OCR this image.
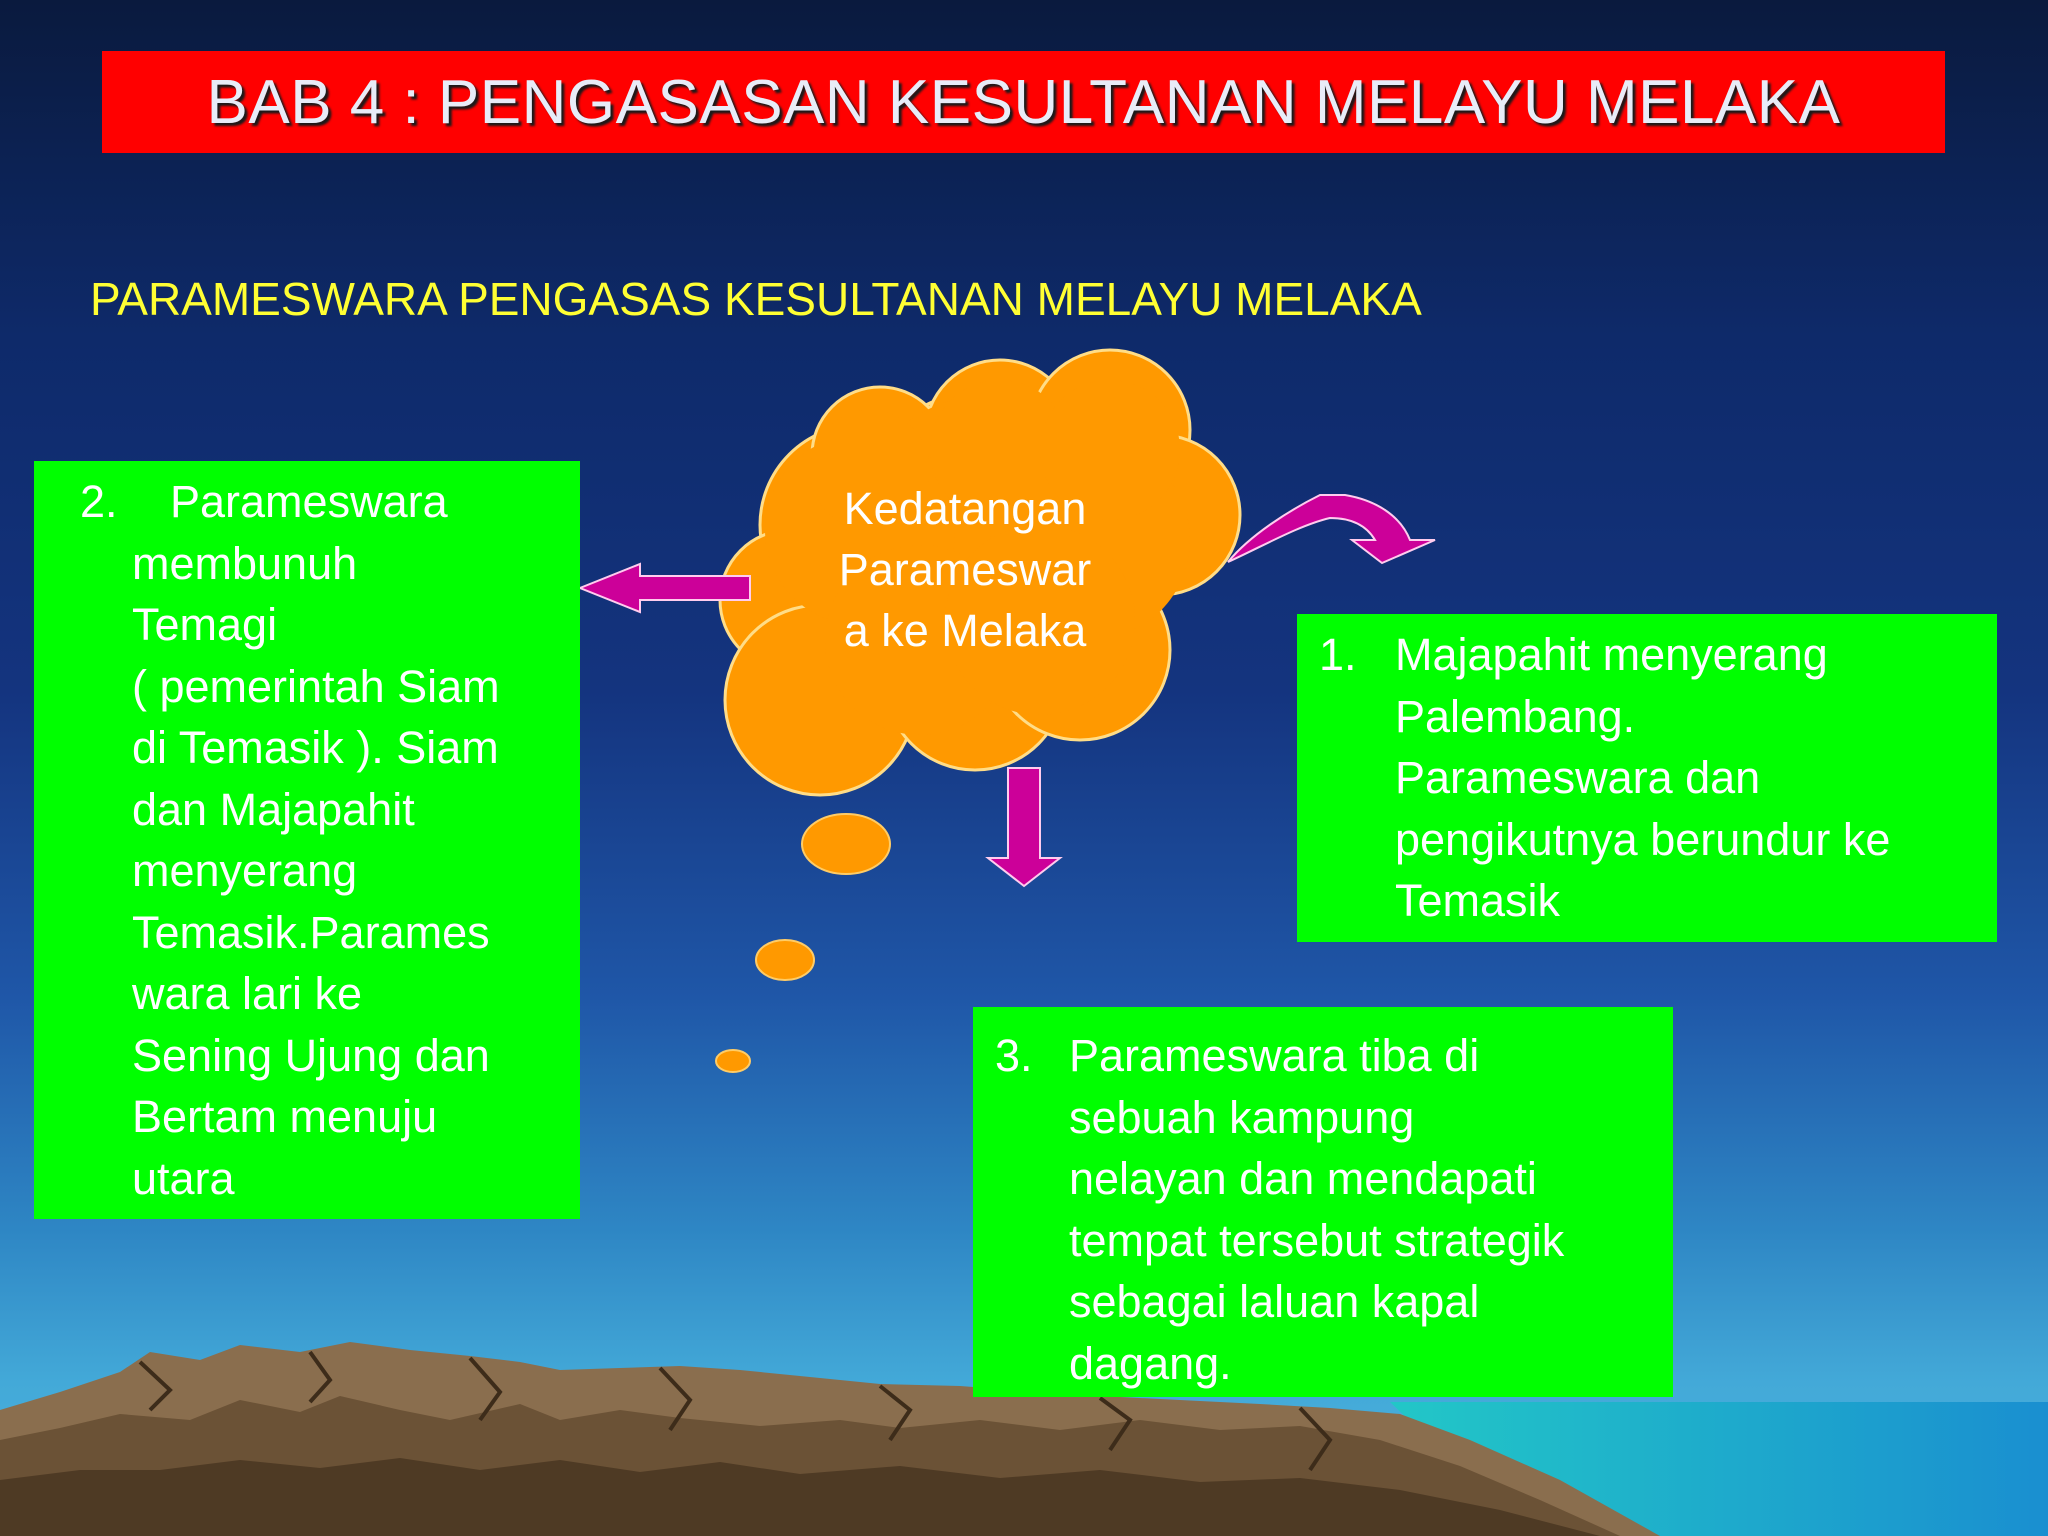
BAB 4 : PENGASASAN KESULTANAN MELAYU MELAKA
PARAMESWARA PENGASAS KESULTANAN MELAYU MELAKA
Kedatangan
Parameswar
a ke Melaka
2. Parameswara
membunuh
Temagi
( pemerintah Siam
di Temasik ). Siam
dan Majapahit
menyerang
Temasik.Parames
wara lari ke
Sening Ujung dan
Bertam menuju
utara
1. Majapahit menyerang
Palembang.
Parameswara dan
pengikutnya berundur ke
Temasik
3. Parameswara tiba di
sebuah kampung
nelayan dan mendapati
tempat tersebut strategik
sebagai laluan kapal
dagang.
